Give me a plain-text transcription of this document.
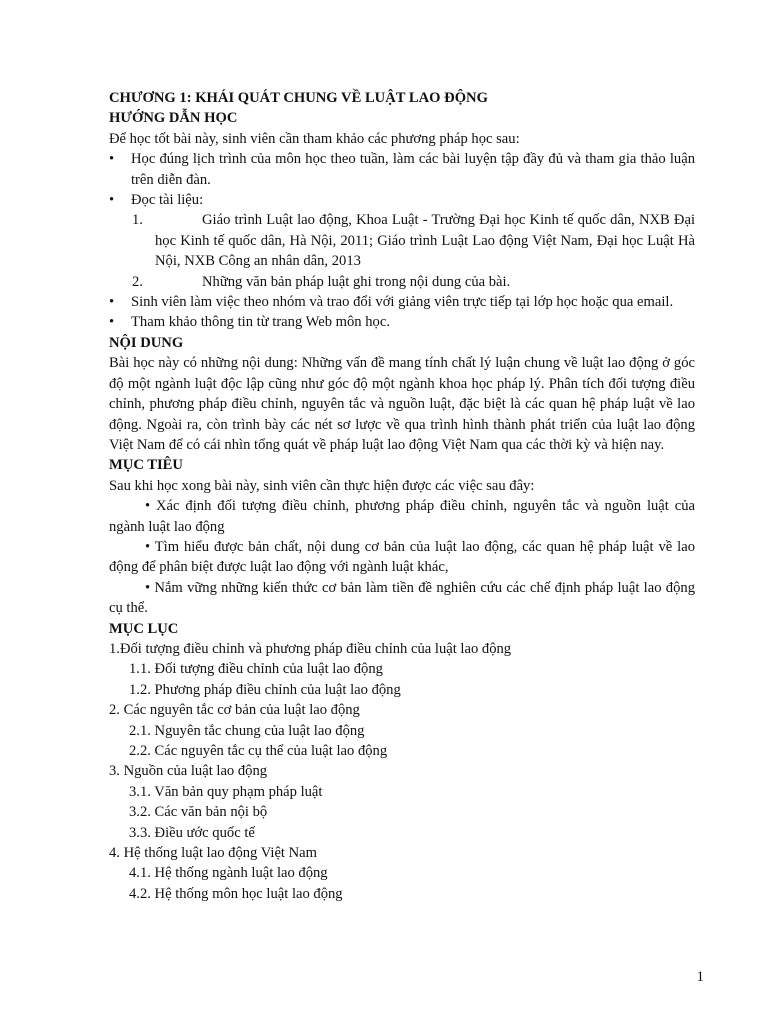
CHƯƠNG 1: KHÁI QUÁT CHUNG VỀ LUẬT LAO ĐỘNG

HƯỚNG DẪN HỌC

Để học tốt bài này, sinh viên cần tham khảo các phương pháp học sau:

• Học đúng lịch trình của môn học theo tuần, làm các bài luyện tập đầy đủ và tham gia thảo luận trên diễn đàn.
• Đọc tài liệu:
1.	Giáo trình Luật lao động, Khoa Luật - Trường Đại học Kinh tế quốc dân, NXB Đại học Kinh tế quốc dân, Hà Nội, 2011; Giáo trình Luật Lao động Việt Nam, Đại học Luật Hà Nội, NXB Công an nhân dân, 2013
2.	Những văn bản pháp luật ghi trong nội dung của bài.
• Sinh viên làm việc theo nhóm và trao đổi với giảng viên trực tiếp tại lớp học hoặc qua email.
• Tham khảo thông tin từ trang Web môn học.

NỘI DUNG

Bài học này có những nội dung: Những vấn đề mang tính chất lý luận chung về luật lao động ở góc độ một ngành luật độc lập cũng như góc độ một ngành khoa học pháp lý. Phân tích đối tượng điều chỉnh, phương pháp điều chỉnh, nguyên tắc và nguồn luật, đặc biệt là các quan hệ pháp luật về lao động. Ngoài ra, còn trình bày các nét sơ lược về qua trình hình thành phát triển của luật lao động Việt Nam để có cái nhìn tổng quát về pháp luật lao động Việt Nam qua các thời kỳ và hiện nay.

MỤC TIÊU

Sau khi học xong bài này, sinh viên cần thực hiện được các việc sau đây:

• Xác định đối tượng điều chỉnh, phương pháp điều chỉnh, nguyên tắc và nguồn luật của ngành luật lao động

• Tìm hiểu được bản chất, nội dung cơ bản của luật lao động, các quan hệ pháp luật về lao động để phân biệt được luật lao động với ngành luật khác,

• Nắm vững những kiến thức cơ bản làm tiền đề nghiên cứu các chế định pháp luật lao động cụ thể.

MỤC LỤC

1.Đối tượng điều chỉnh và phương pháp điều chỉnh của luật lao động

1.1. Đối tượng điều chỉnh của luật lao động

1.2. Phương pháp điều chỉnh của luật lao động

2. Các nguyên tắc cơ bản của luật lao động

2.1. Nguyên tắc chung của luật lao động

2.2. Các nguyên tắc cụ thể của luật lao động

3. Nguồn của luật lao động

3.1. Văn bản quy phạm pháp luật

3.2. Các văn bản nội bộ

3.3. Điều ước quốc tế

4. Hệ thống luật lao động Việt Nam

4.1. Hệ thống ngành luật lao động

4.2. Hệ thống môn học luật lao động

1
